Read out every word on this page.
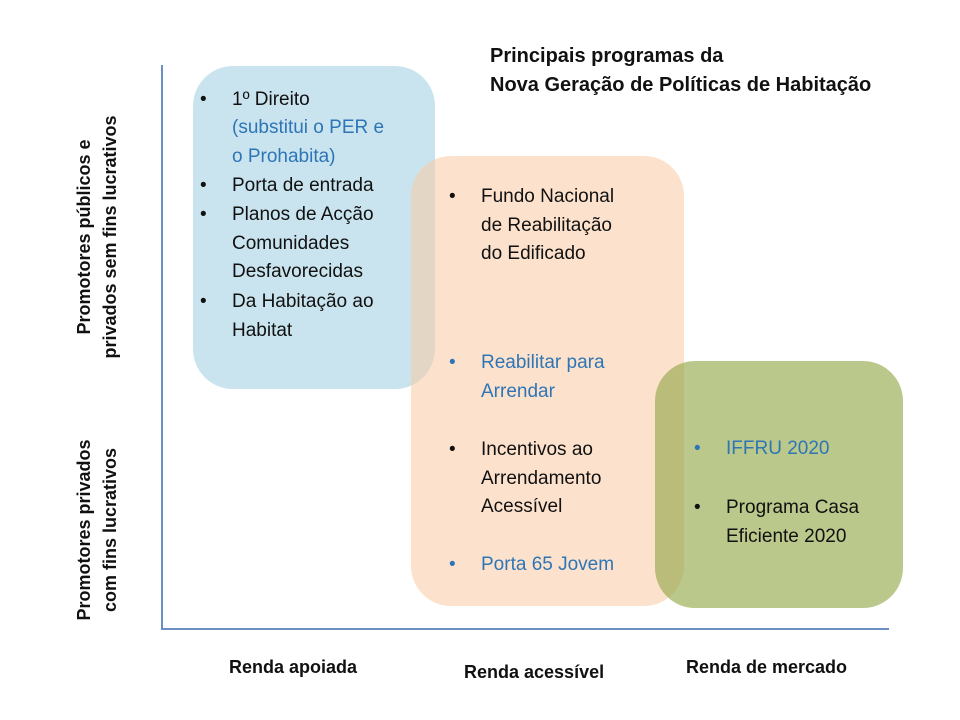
Principais programas da
Nova Geração de Políticas de Habitação
Promotores públicos e privados sem fins lucrativos
Promotores privados com fins lucrativos
Renda apoiada	Renda acessível	Renda de mercado
• 1º Direito
(substitui o PER e
o Prohabita)
• Porta de entrada
• Planos de Acção
Comunidades
Desfavorecidas
• Da Habitação ao
Habitat
• Fundo Nacional
de Reabilitação
do Edificado
• Reabilitar para
Arrendar
• Incentivos ao
Arrendamento
Acessível
• Porta 65 Jovem
• IFFRU 2020
• Programa Casa
Eficiente 2020
